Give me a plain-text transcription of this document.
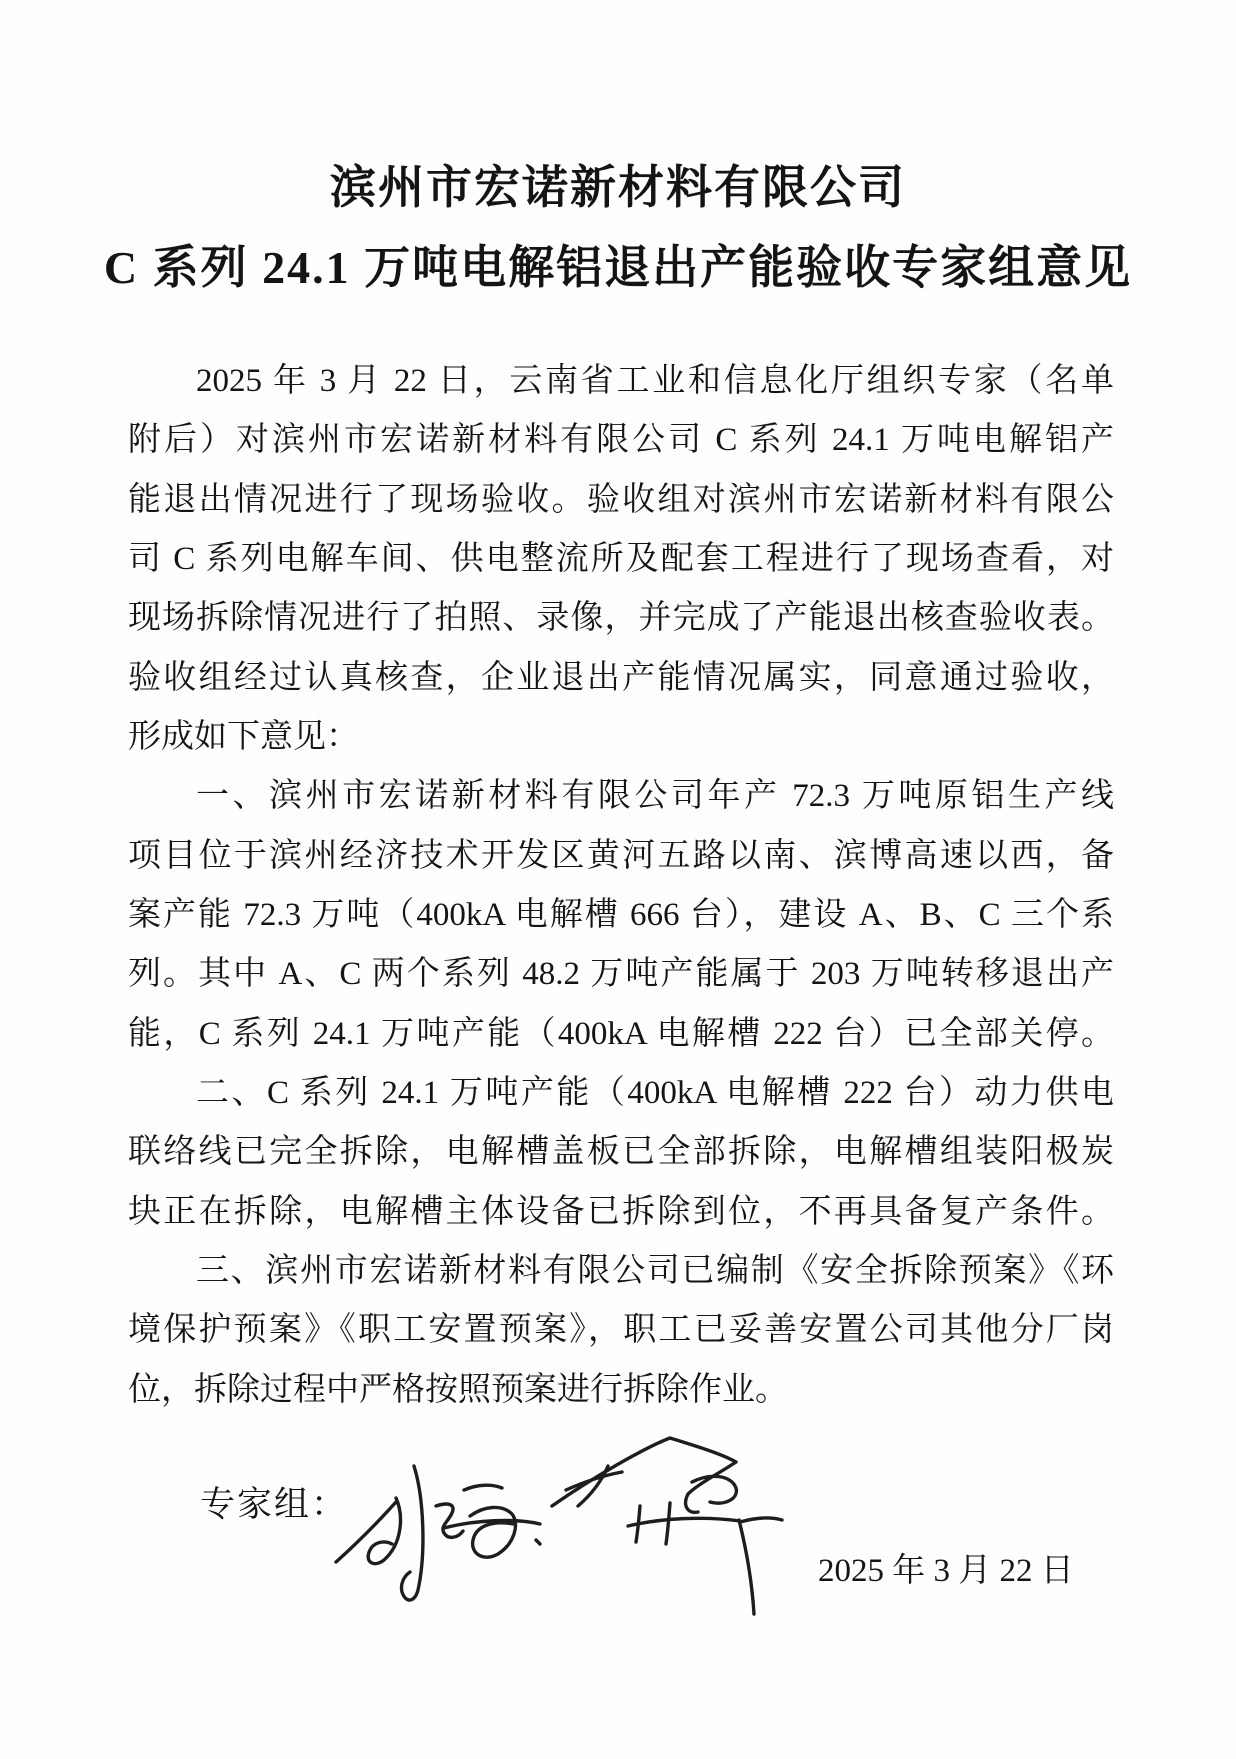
滨州市宏诺新材料有限公司
C 系列 24.1 万吨电解铝退出产能验收专家组意见
2025 年 3 月 22 日，云南省工业和信息化厅组织专家（名单
附后）对滨州市宏诺新材料有限公司 C 系列 24.1 万吨电解铝产
能退出情况进行了现场验收。验收组对滨州市宏诺新材料有限公
司 C 系列电解车间、供电整流所及配套工程进行了现场查看，对
现场拆除情况进行了拍照、录像，并完成了产能退出核查验收表。
验收组经过认真核查，企业退出产能情况属实，同意通过验收，
形成如下意见：
一、滨州市宏诺新材料有限公司年产 72.3 万吨原铝生产线
项目位于滨州经济技术开发区黄河五路以南、滨博高速以西，备
案产能 72.3 万吨（400kA 电解槽 666 台），建设 A、B、C 三个系
列。其中 A、C 两个系列 48.2 万吨产能属于 203 万吨转移退出产
能，C 系列 24.1 万吨产能（400kA 电解槽 222 台）已全部关停。
二、C 系列 24.1 万吨产能（400kA 电解槽 222 台）动力供电
联络线已完全拆除，电解槽盖板已全部拆除，电解槽组装阳极炭
块正在拆除，电解槽主体设备已拆除到位，不再具备复产条件。
三、滨州市宏诺新材料有限公司已编制《安全拆除预案》《环
境保护预案》《职工安置预案》，职工已妥善安置公司其他分厂岗
位，拆除过程中严格按照预案进行拆除作业。
专家组：
2025 年 3 月 22 日
